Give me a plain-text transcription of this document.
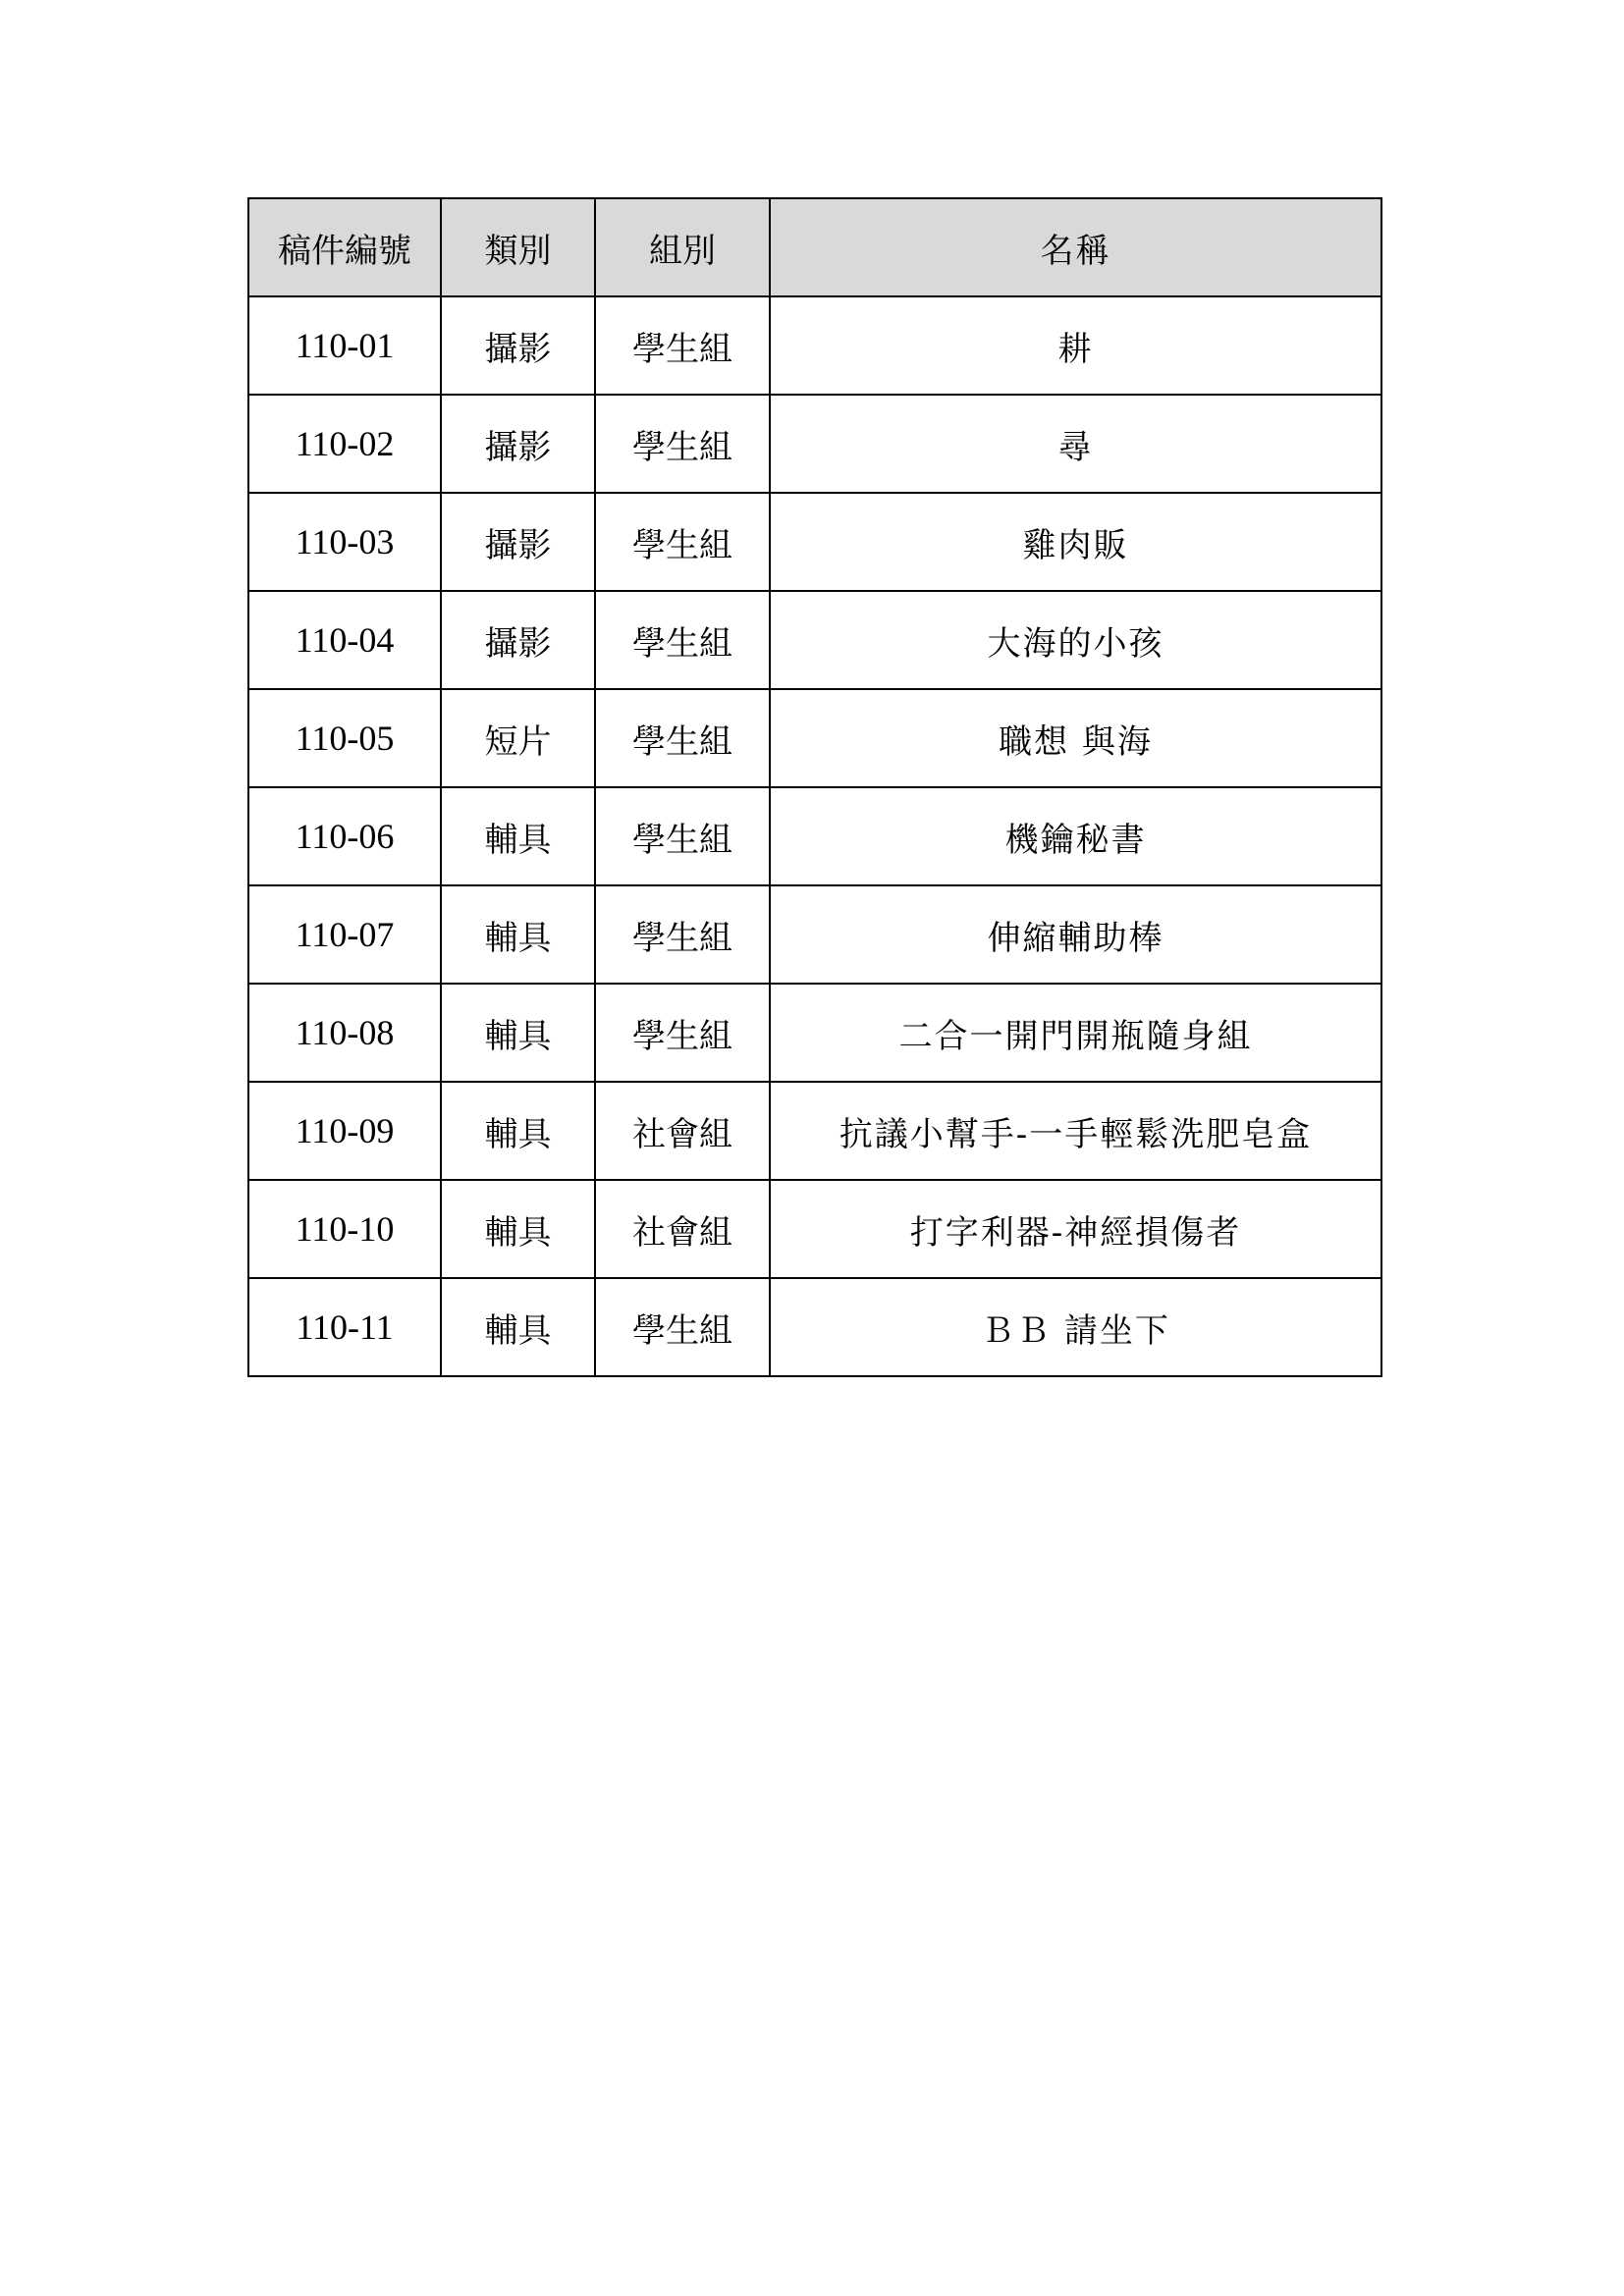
稿件編號	類別	組別	名稱
110-01	攝影	學生組	耕
110-02	攝影	學生組	尋
110-03	攝影	學生組	雞肉販
110-04	攝影	學生組	大海的小孩
110-05	短片	學生組	職想 與海
110-06	輔具	學生組	機鑰秘書
110-07	輔具	學生組	伸縮輔助棒
110-08	輔具	學生組	二合一開門開瓶隨身組
110-09	輔具	社會組	抗議小幫手-一手輕鬆洗肥皂盒
110-10	輔具	社會組	打字利器-神經損傷者
110-11	輔具	學生組	ＢＢ 請坐下
